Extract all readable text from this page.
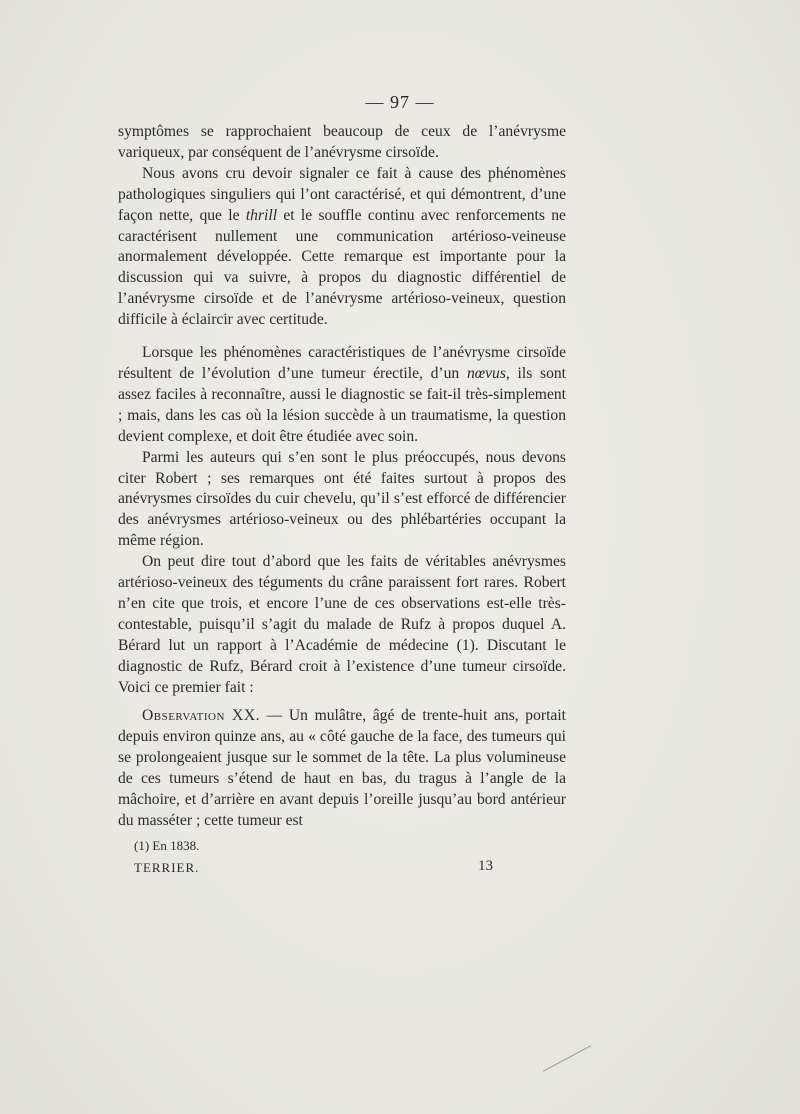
— 97 —

symptômes se rapprochaient beaucoup de ceux de l’anévrysme variqueux, par conséquent de l’anévrysme cirsoïde.

Nous avons cru devoir signaler ce fait à cause des phénomènes pathologiques singuliers qui l’ont caractérisé, et qui démontrent, d’une façon nette, que le thrill et le souffle continu avec renforcements ne caractérisent nullement une communication artérioso-veineuse anormalement développée. Cette remarque est importante pour la discussion qui va suivre, à propos du diagnostic différentiel de l’anévrysme cirsoïde et de l’anévrysme artérioso-veineux, question difficile à éclaircir avec certitude.

Lorsque les phénomènes caractéristiques de l’anévrysme cirsoïde résultent de l’évolution d’une tumeur érectile, d’un nœvus, ils sont assez faciles à reconnaître, aussi le diagnostic se fait-il très-simplement ; mais, dans les cas où la lésion succède à un traumatisme, la question devient complexe, et doit être étudiée avec soin.

Parmi les auteurs qui s’en sont le plus préoccupés, nous devons citer Robert ; ses remarques ont été faites surtout à propos des anévrysmes cirsoïdes du cuir chevelu, qu’il s’est efforcé de différencier des anévrysmes artérioso-veineux ou des phlébartéries occupant la même région.

On peut dire tout d’abord que les faits de véritables anévrysmes artérioso-veineux des téguments du crâne paraissent fort rares. Robert n’en cite que trois, et encore l’une de ces observations est-elle très-contestable, puisqu’il s’agit du malade de Rufz à propos duquel A. Bérard lut un rapport à l’Académie de médecine (1). Discutant le diagnostic de Rufz, Bérard croit à l’existence d’une tumeur cirsoïde. Voici ce premier fait :

Observation XX. — Un mulâtre, âgé de trente-huit ans, portait depuis environ quinze ans, au « côté gauche de la face, des tumeurs qui se prolongeaient jusque sur le sommet de la tête. La plus volumineuse de ces tumeurs s’étend de haut en bas, du tragus à l’angle de la mâchoire, et d’arrière en avant depuis l’oreille jusqu’au bord antérieur du masséter ; cette tumeur est

(1) En 1838.
TERRIER.	13
